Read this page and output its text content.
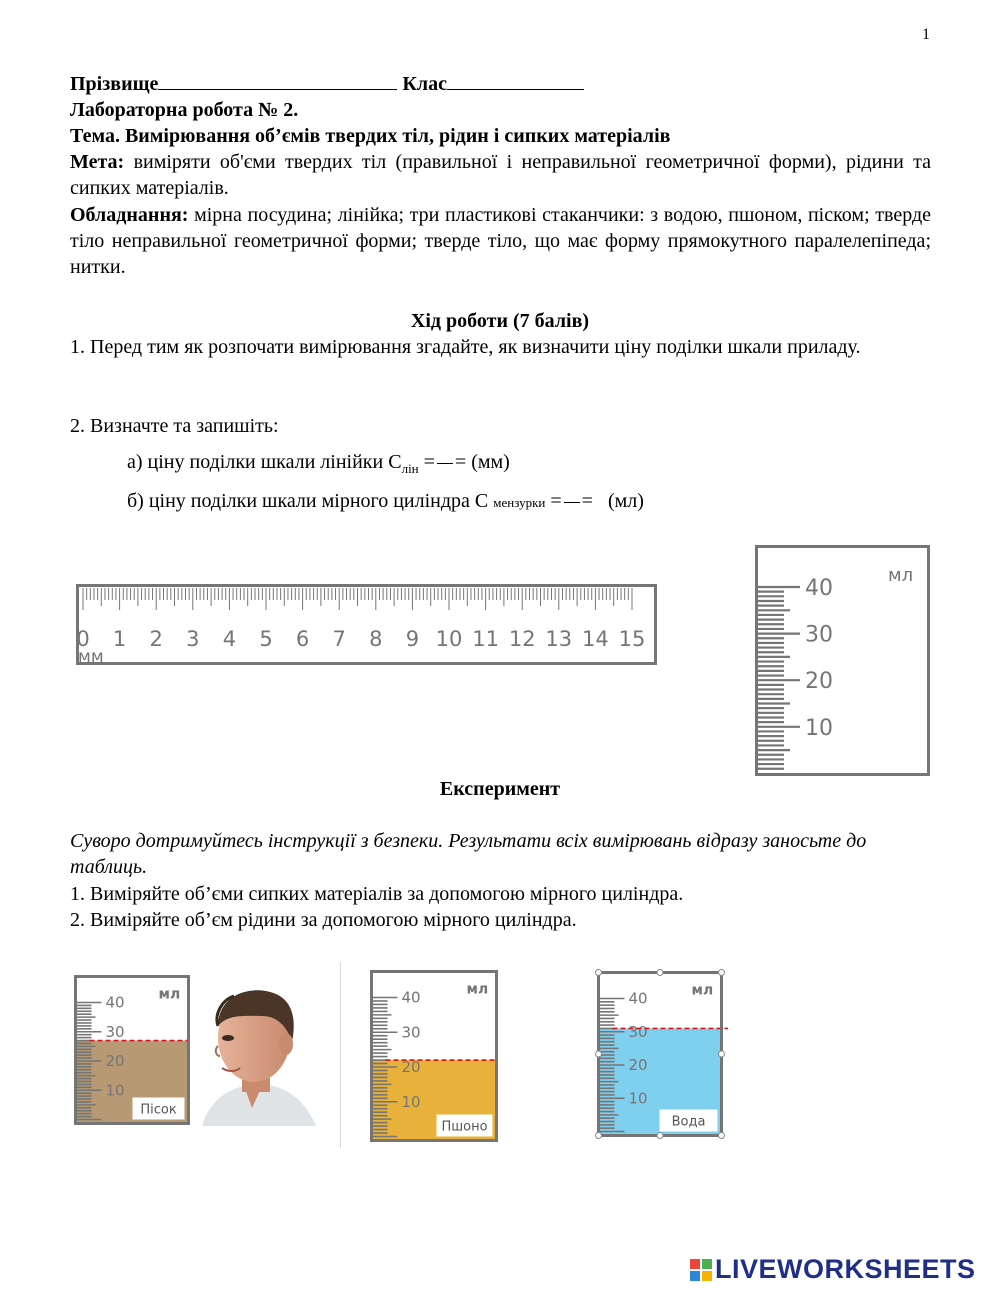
1
Прізвище	Клас
Лабораторна робота № 2.
Тема. Вимірювання об’ємів твердих тіл, рідин і сипких матеріалів
Мета: виміряти об'єми твердих тіл (правильної і неправильної геометричної форми), рідини та сипких матеріалів.
Обладнання: мірна посудина; лінійка; три пластикові стаканчики: з водою, пшоном, піском; тверде тіло неправильної геометричної форми; тверде тіло, що має форму прямокутного паралелепіпеда; нитки.
Хід роботи (7 балів)
1. Перед тим як розпочати вимірювання згадайте, як визначити ціну поділки шкали приладу.
2. Визначте та запишіть:
а) ціну поділки шкали лінійки $С_{лін}$ = = (мм)
б) ціну поділки шкали мірного циліндра С мензурки = = (мл)
0 1 2 3 4 5 6 7 8 9 10 11 12 13 14 15
мм
40
30
20
10
мл
Експеримент
Суворо дотримуйтесь інструкції з безпеки. Результати всіх вимірювань відразу заносьте до таблиць.
1. Виміряйте об’єми сипких матеріалів за допомогою мірного циліндра.
2. Виміряйте об’єм рідини за допомогою мірного циліндра.
40
30
20
10
мл
Пісок
40
30
20
10
мл
Пшоно
40
30
20
10
мл
Вода
LIVEWORKSHEETS
